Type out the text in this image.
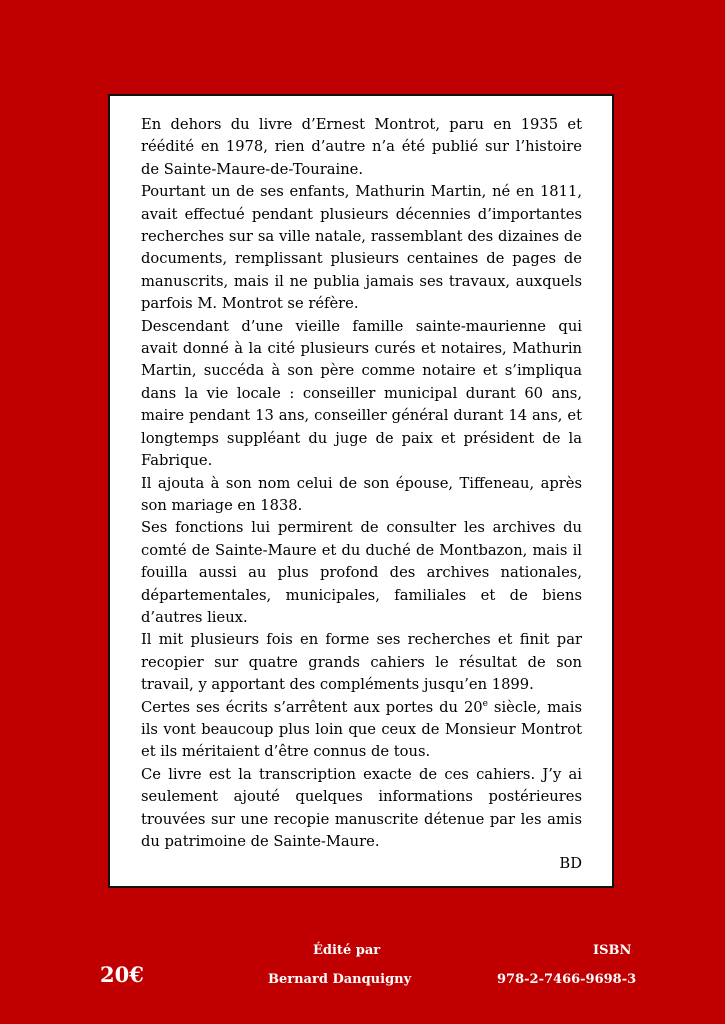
En dehors du livre d’Ernest Montrot, paru en 1935 et réédité en 1978, rien d’autre n’a été publié sur l’histoire de Sainte-Maure-de-Touraine.

Pourtant un de ses enfants, Mathurin Martin, né en 1811, avait effectué pendant plusieurs décennies d’importantes recherches sur sa ville natale, rassemblant des dizaines de documents, remplissant plusieurs centaines de pages de manuscrits, mais il ne publia jamais ses travaux, auxquels parfois M. Montrot se réfère.

Descendant d’une vieille famille sainte-maurienne qui avait donné à la cité plusieurs curés et notaires, Mathurin Martin, succéda à son père comme notaire et s’impliqua dans la vie locale : conseiller municipal durant 60 ans, maire pendant 13 ans, conseiller général durant 14 ans, et longtemps suppléant du juge de paix et président de la Fabrique.

Il ajouta à son nom celui de son épouse, Tiffeneau, après son mariage en 1838.

Ses fonctions lui permirent de consulter les archives du comté de Sainte-Maure et du duché de Montbazon, mais il fouilla aussi au plus profond des archives nationales, départementales, municipales, familiales et de biens d’autres lieux.

Il mit plusieurs fois en forme ses recherches et finit par recopier sur quatre grands cahiers le résultat de son travail, y apportant des compléments jusqu’en 1899.

Certes ses écrits s’arrêtent aux portes du 20e siècle, mais ils vont beaucoup plus loin que ceux de Monsieur Montrot et ils méritaient d’être connus de tous.

Ce livre est la transcription exacte de ces cahiers. J’y ai seulement ajouté quelques informations postérieures trouvées sur une recopie manuscrite détenue par les amis du patrimoine de Sainte-Maure.

BD

Édité par	ISBN
20€	Bernard Danquigny	978-2-7466-9698-3
